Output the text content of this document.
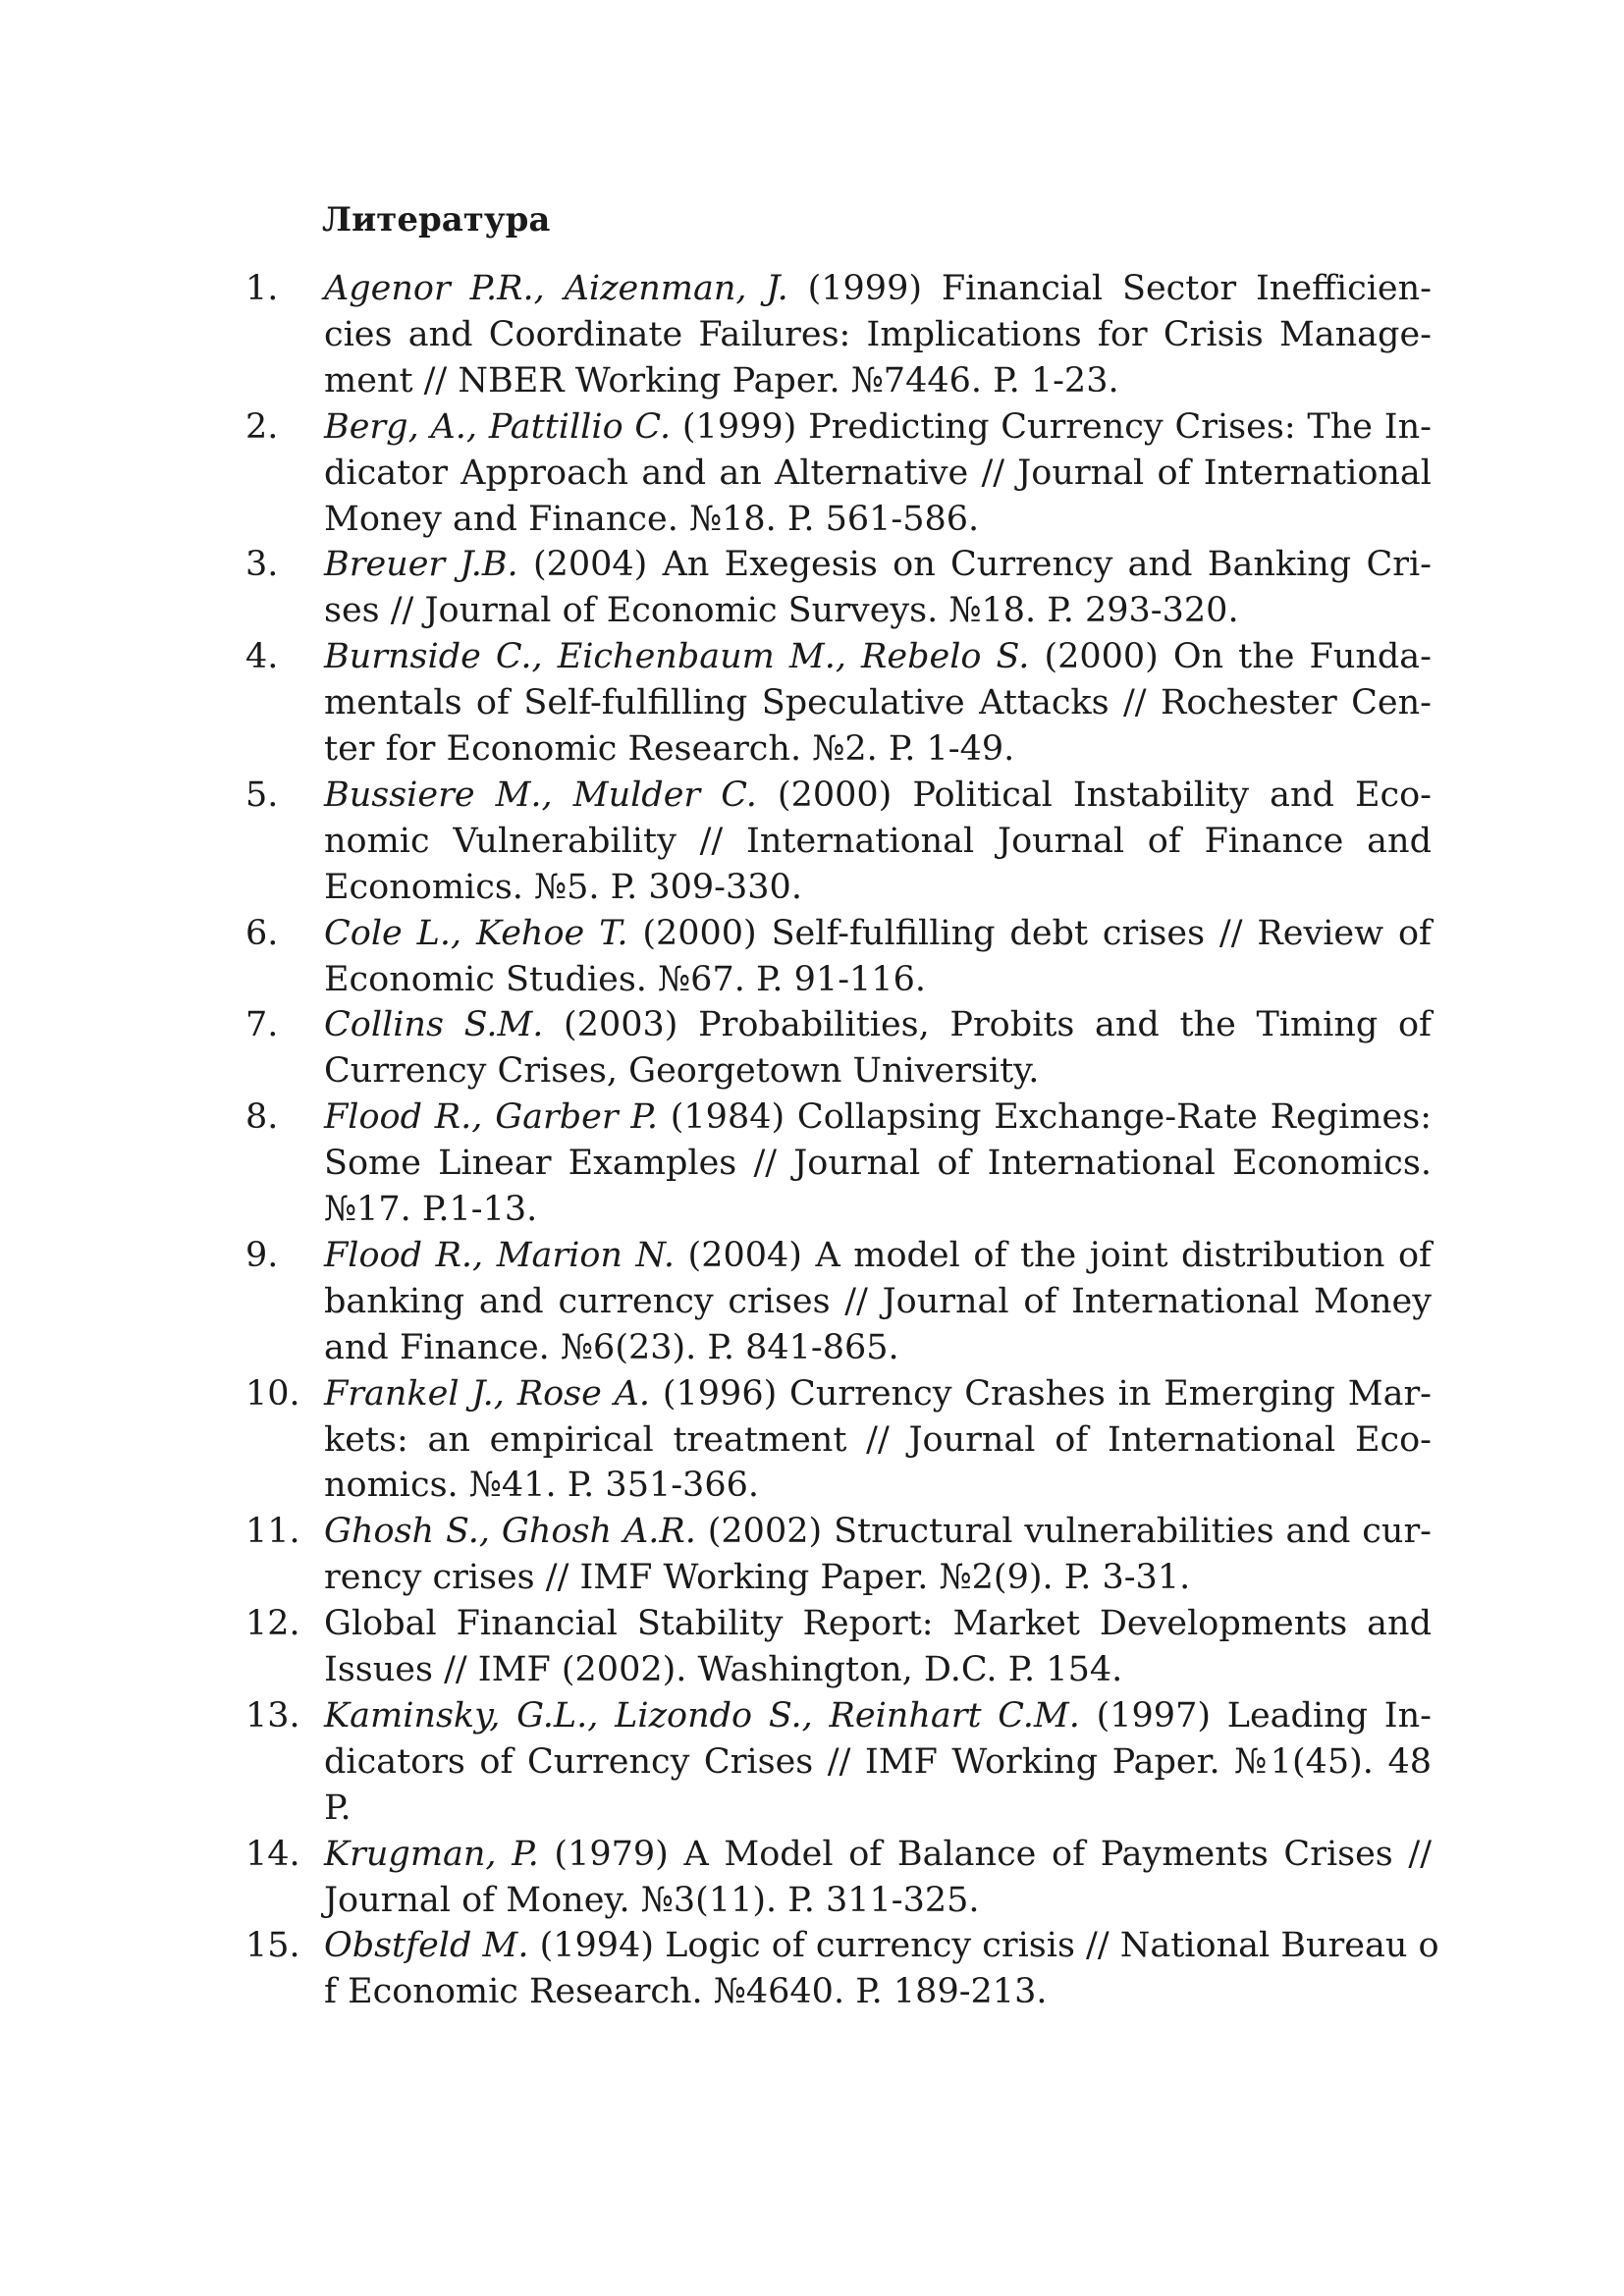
Литература
1. Agenor P.R., Aizenman, J. (1999) Financial Sector Inefficien-
cies and Coordinate Failures: Implications for Crisis Manage-
ment // NBER Working Paper. №7446. P. 1-23.
2. Berg, A., Pattillio C. (1999) Predicting Currency Crises: The In-
dicator Approach and an Alternative // Journal of International
Money and Finance. №18. P. 561-586.
3. Breuer J.B. (2004) An Exegesis on Currency and Banking Cri-
ses // Journal of Economic Surveys. №18. P. 293-320.
4. Burnside C., Eichenbaum M., Rebelo S. (2000) On the Funda-
mentals of Self-fulfilling Speculative Attacks // Rochester Cen-
ter for Economic Research. №2. P. 1-49.
5. Bussiere M., Mulder C. (2000) Political Instability and Eco-
nomic Vulnerability // International Journal of Finance and
Economics. №5. P. 309-330.
6. Cole L., Kehoe T. (2000) Self-fulfilling debt crises // Review of
Economic Studies. №67. P. 91-116.
7. Collins S.M. (2003) Probabilities, Probits and the Timing of
Currency Crises, Georgetown University.
8. Flood R., Garber P. (1984) Collapsing Exchange-Rate Regimes:
Some Linear Examples // Journal of International Economics.
№17. P.1-13.
9. Flood R., Marion N. (2004) A model of the joint distribution of
banking and currency crises // Journal of International Money
and Finance. №6(23). P. 841-865.
10. Frankel J., Rose A. (1996) Currency Crashes in Emerging Mar-
kets: an empirical treatment // Journal of International Eco-
nomics. №41. P. 351-366.
11. Ghosh S., Ghosh A.R. (2002) Structural vulnerabilities and cur-
rency crises // IMF Working Paper. №2(9). P. 3-31.
12. Global Financial Stability Report: Market Developments and
Issues // IMF (2002). Washington, D.C. P. 154.
13. Kaminsky, G.L., Lizondo S., Reinhart C.M. (1997) Leading In-
dicators of Currency Crises // IMF Working Paper. №1(45). 48
P.
14. Krugman, P. (1979) A Model of Balance of Payments Crises //
Journal of Money. №3(11). P. 311-325.
15. Obstfeld M. (1994) Logic of currency crisis // National Bureau o
f Economic Research. №4640. P. 189-213.
